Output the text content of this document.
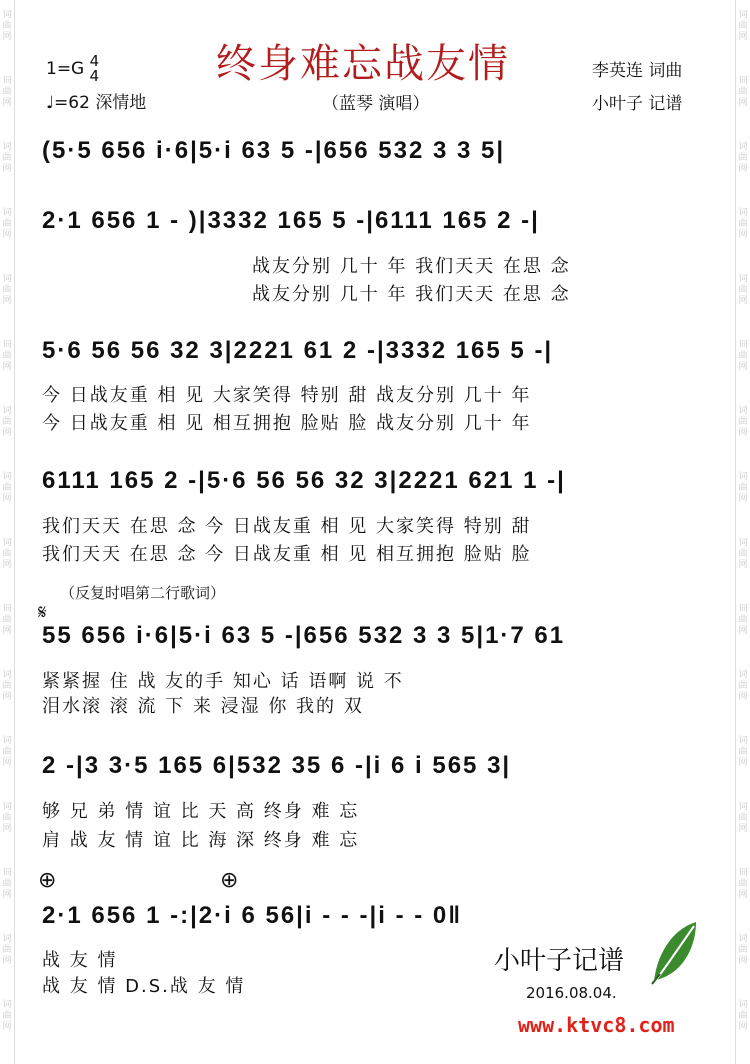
词
曲
网
词
曲
网
词
曲
网
词
曲
网
词
曲
网
词
曲
网
词
曲
网
词
曲
网
词
曲
网
词
曲
网
词
曲
网
词
曲
网
词
曲
网
词
曲
网
词
曲
网
词
曲
网
词
曲
网
词
曲
网
词
曲
网
词
曲
网
词
曲
网
词
曲
网
词
曲
网
词
曲
网
词
曲
网
词
曲
网
词
曲
网
词
曲
网
词
曲
网
词
曲
网
词
曲
网
词
曲
网
1=G 4
4
♩=62 深情地
终身难忘战友情
（蓝琴 演唱）
李英连 词曲
小叶子 记谱
(5·5 656 i·6|5·i 63 5 -|656 532 3 3 5|
2·1 656 1 - )|3332 165 5 -|6111 165 2 -|
战友分别 几十 年 我们天天 在思 念
战友分别 几十 年 我们天天 在思 念
5·6 56 56 32 3|2221 61 2 -|3332 165 5 -|
今 日战友重 相 见 大家笑得 特别 甜 战友分别 几十 年
今 日战友重 相 见 相互拥抱 脸贴 脸 战友分别 几十 年
6111 165 2 -|5·6 56 56 32 3|2221 621 1 -|
我们天天 在思 念 今 日战友重 相 见 大家笑得 特别 甜
我们天天 在思 念 今 日战友重 相 见 相互拥抱 脸贴 脸
（反复时唱第二行歌词）
𝄋
55 656 i·6|5·i 63 5 -|656 532 3 3 5|1·7 61
紧紧握 住 战 友的手 知心 话 语啊 说 不
泪水滚 滚 流 下 来 浸湿 你 我的 双
2 -|3 3·5 165 6|532 35 6 -|i 6 i 565 3|
够 兄 弟 情 谊 比 天 高 终身 难 忘
肩 战 友 情 谊 比 海 深 终身 难 忘
⊕	⊕
2·1 656 1 -:|2·i 6 56|i - - -|i - - 0‖
战 友 情
战 友 情 D.S.战 友 情
小叶子记谱
2016.08.04.
www.ktvc8.com
